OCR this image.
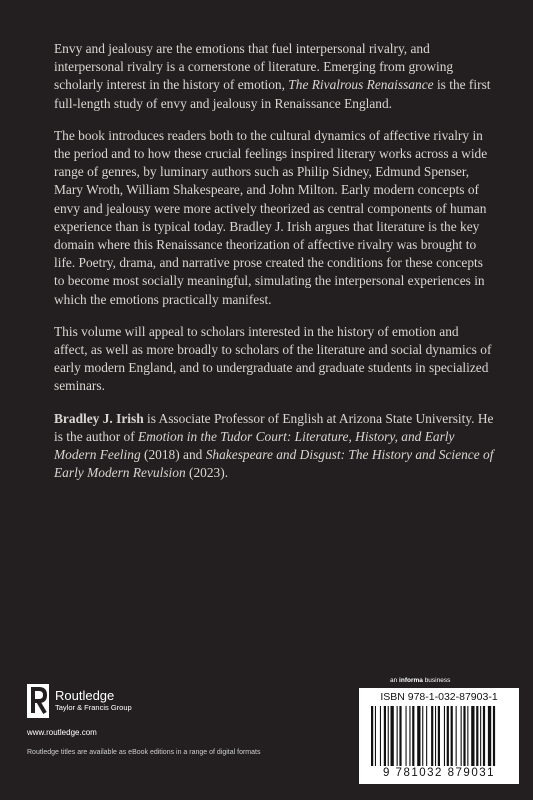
Envy and jealousy are the emotions that fuel interpersonal rivalry, and interpersonal rivalry is a cornerstone of literature. Emerging from growing scholarly interest in the history of emotion, The Rivalrous Renaissance is the first full-length study of envy and jealousy in Renaissance England.

The book introduces readers both to the cultural dynamics of affective rivalry in the period and to how these crucial feelings inspired literary works across a wide range of genres, by luminary authors such as Philip Sidney, Edmund Spenser, Mary Wroth, William Shakespeare, and John Milton. Early modern concepts of envy and jealousy were more actively theorized as central components of human experience than is typical today. Bradley J. Irish argues that literature is the key domain where this Renaissance theorization of affective rivalry was brought to life. Poetry, drama, and narrative prose created the conditions for these concepts to become most socially meaningful, simulating the interpersonal experiences in which the emotions practically manifest.

This volume will appeal to scholars interested in the history of emotion and affect, as well as more broadly to scholars of the literature and social dynamics of early modern England, and to undergraduate and graduate students in specialized seminars.

Bradley J. Irish is Associate Professor of English at Arizona State University. He is the author of Emotion in the Tudor Court: Literature, History, and Early Modern Feeling (2018) and Shakespeare and Disgust: The History and Science of Early Modern Revulsion (2023).

Routledge
Taylor & Francis Group
www.routledge.com
Routledge titles are available as eBook editions in a range of digital formats
an informa business
ISBN 978-1-032-87903-1
9 781032 879031
